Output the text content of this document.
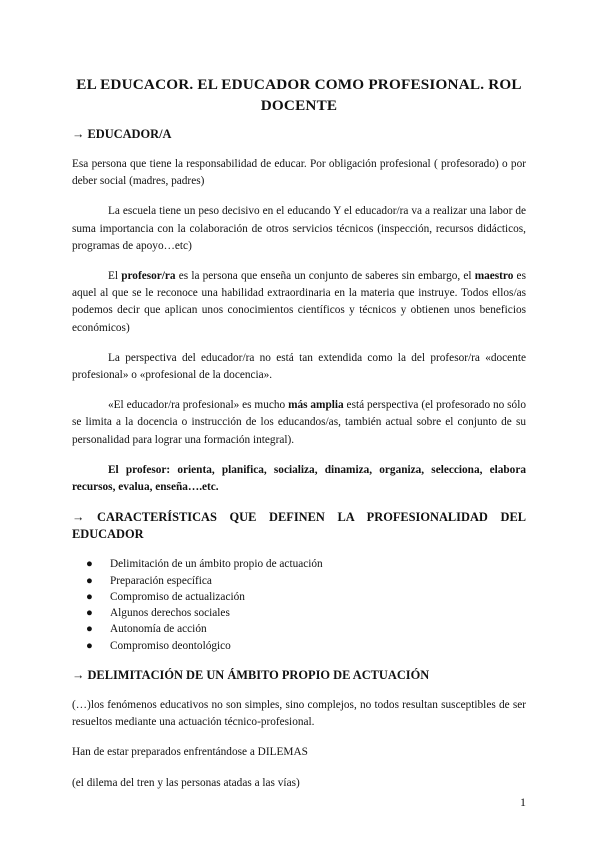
EL EDUCACOR. EL EDUCADOR COMO PROFESIONAL. ROL DOCENTE
→ EDUCADOR/A

Esa persona que tiene la responsabilidad de educar. Por obligación profesional ( profesorado) o por deber social (madres, padres)

La escuela tiene un peso decisivo en el educando Y el educador/ra va a realizar una labor de suma importancia con la colaboración de otros servicios técnicos (inspección, recursos didácticos, programas de apoyo…etc)

El profesor/ra es la persona que enseña un conjunto de saberes sin embargo, el maestro es aquel al que se le reconoce una habilidad extraordinaria en la materia que instruye. Todos ellos/as podemos decir que aplican unos conocimientos científicos y técnicos y obtienen unos beneficios económicos)

La perspectiva del educador/ra no está tan extendida como la del profesor/ra «docente profesional» o «profesional de la docencia».

«El educador/ra profesional» es mucho más amplia está perspectiva (el profesorado no sólo se limita a la docencia o instrucción de los educandos/as, también actual sobre el conjunto de su personalidad para lograr una formación integral).

El profesor: orienta, planifica, socializa, dinamiza, organiza, selecciona, elabora recursos, evalua, enseña….etc.

→ CARACTERÍSTICAS QUE DEFINEN LA PROFESIONALIDAD DEL EDUCADOR
● Delimitación de un ámbito propio de actuación
● Preparación específica
● Compromiso de actualización
● Algunos derechos sociales
● Autonomía de acción
● Compromiso deontológico
→ DELIMITACIÓN DE UN ÁMBITO PROPIO DE ACTUACIÓN

(…)los fenómenos educativos no son simples, sino complejos, no todos resultan susceptibles de ser resueltos mediante una actuación técnico-profesional.

Han de estar preparados enfrentándose a DILEMAS

(el dilema del tren y las personas atadas a las vías)

1
